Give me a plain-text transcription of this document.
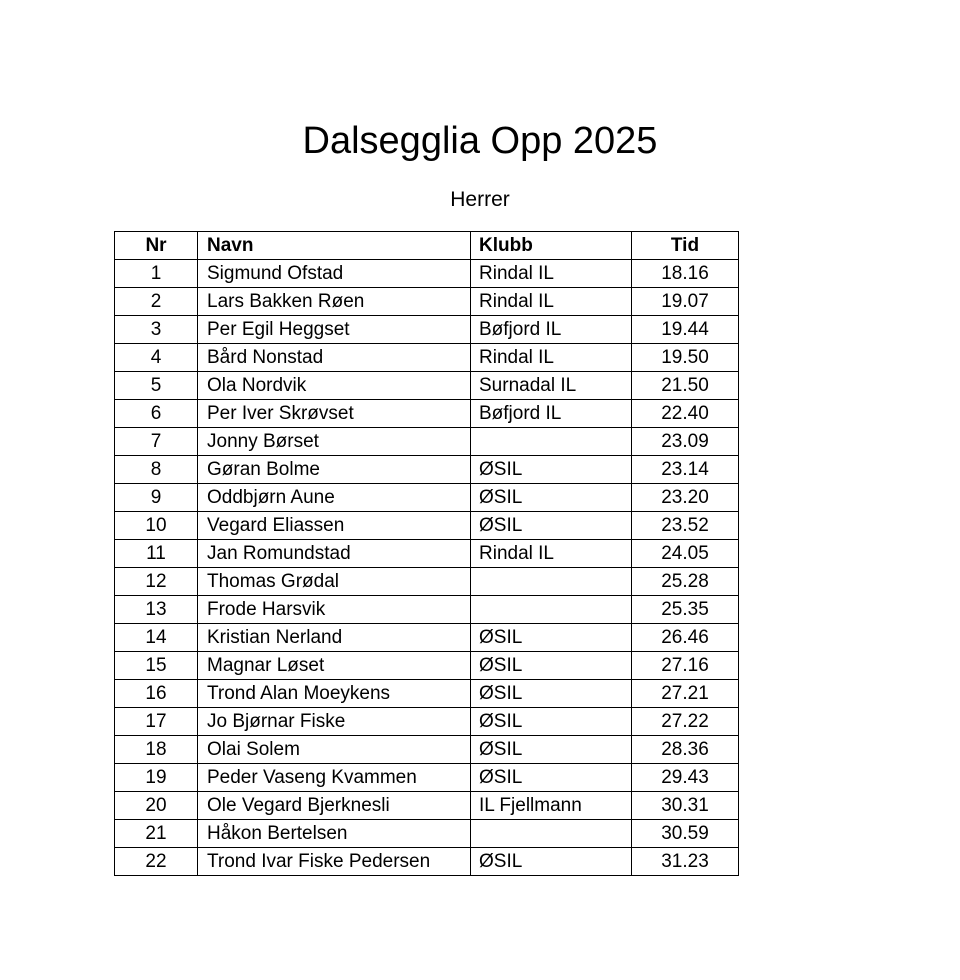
Dalsegglia Opp 2025
Herrer
Nr	Navn	Klubb	Tid
1	Sigmund Ofstad	Rindal IL	18.16
2	Lars Bakken Røen	Rindal IL	19.07
3	Per Egil Heggset	Bøfjord IL	19.44
4	Bård Nonstad	Rindal IL	19.50
5	Ola Nordvik	Surnadal IL	21.50
6	Per Iver Skrøvset	Bøfjord IL	22.40
7	Jonny Børset		23.09
8	Gøran Bolme	ØSIL	23.14
9	Oddbjørn Aune	ØSIL	23.20
10	Vegard Eliassen	ØSIL	23.52
11	Jan Romundstad	Rindal IL	24.05
12	Thomas Grødal		25.28
13	Frode Harsvik		25.35
14	Kristian Nerland	ØSIL	26.46
15	Magnar Løset	ØSIL	27.16
16	Trond Alan Moeykens	ØSIL	27.21
17	Jo Bjørnar Fiske	ØSIL	27.22
18	Olai Solem	ØSIL	28.36
19	Peder Vaseng Kvammen	ØSIL	29.43
20	Ole Vegard Bjerknesli	IL Fjellmann	30.31
21	Håkon Bertelsen		30.59
22	Trond Ivar Fiske Pedersen	ØSIL	31.23
